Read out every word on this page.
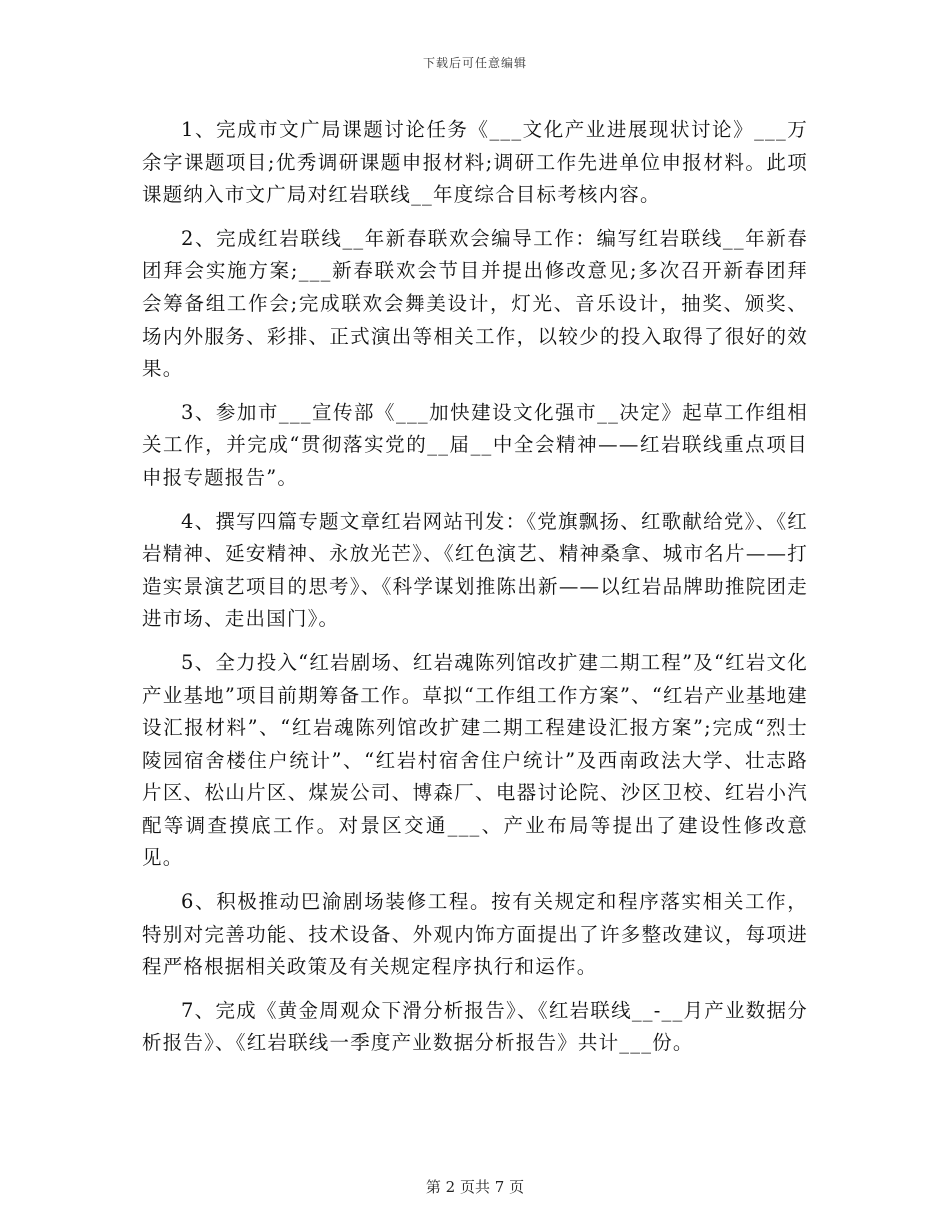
下载后可任意编辑

1、完成市文广局课题讨论任务《___文化产业进展现状讨论》___万余字课题项目;优秀调研课题申报材料;调研工作先进单位申报材料。此项课题纳入市文广局对红岩联线__年度综合目标考核内容。

2、完成红岩联线__年新春联欢会编导工作：编写红岩联线__年新春团拜会实施方案;___新春联欢会节目并提出修改意见;多次召开新春团拜会筹备组工作会;完成联欢会舞美设计，灯光、音乐设计，抽奖、颁奖、场内外服务、彩排、正式演出等相关工作，以较少的投入取得了很好的效果。

3、参加市___宣传部《___加快建设文化强市__决定》起草工作组相关工作，并完成“贯彻落实党的__届__中全会精神——红岩联线重点项目申报专题报告”。

4、撰写四篇专题文章红岩网站刊发：《党旗飘扬、红歌献给党》、《红岩精神、延安精神、永放光芒》、《红色演艺、精神桑拿、城市名片——打造实景演艺项目的思考》、《科学谋划推陈出新——以红岩品牌助推院团走进市场、走出国门》。

5、全力投入“红岩剧场、红岩魂陈列馆改扩建二期工程”及“红岩文化产业基地”项目前期筹备工作。草拟“工作组工作方案”、“红岩产业基地建设汇报材料”、“红岩魂陈列馆改扩建二期工程建设汇报方案”;完成“烈士陵园宿舍楼住户统计”、“红岩村宿舍住户统计”及西南政法大学、壮志路片区、松山片区、煤炭公司、博森厂、电器讨论院、沙区卫校、红岩小汽配等调查摸底工作。对景区交通___、产业布局等提出了建设性修改意见。

6、积极推动巴渝剧场装修工程。按有关规定和程序落实相关工作，特别对完善功能、技术设备、外观内饰方面提出了许多整改建议，每项进程严格根据相关政策及有关规定程序执行和运作。

7、完成《黄金周观众下滑分析报告》、《红岩联线__-__月产业数据分析报告》、《红岩联线一季度产业数据分析报告》共计___份。

第 2 页共 7 页
